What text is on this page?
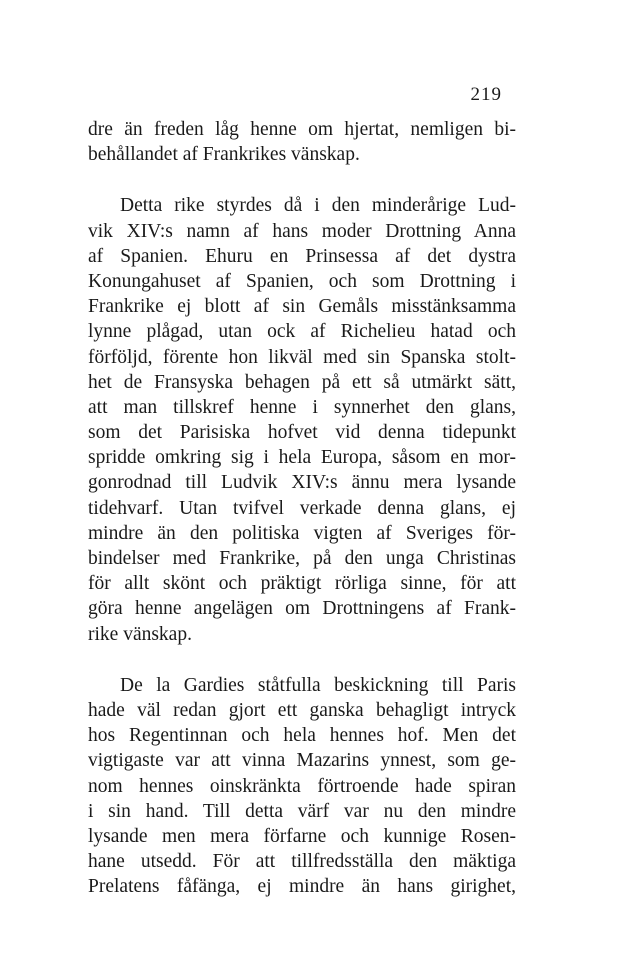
219
dre än freden låg henne om hjertat, nemligen bi-
behållandet af Frankrikes vänskap.
Detta rike styrdes då i den minderårige Lud-
vik XIV:s namn af hans moder Drottning Anna
af Spanien. Ehuru en Prinsessa af det dystra
Konungahuset af Spanien, och som Drottning i
Frankrike ej blott af sin Gemåls misstänksamma
lynne plågad, utan ock af Richelieu hatad och
förföljd, förente hon likväl med sin Spanska stolt-
het de Fransyska behagen på ett så utmärkt sätt,
att man tillskref henne i synnerhet den glans,
som det Parisiska hofvet vid denna tidepunkt
spridde omkring sig i hela Europa, såsom en mor-
gonrodnad till Ludvik XIV:s ännu mera lysande
tidehvarf. Utan tvifvel verkade denna glans, ej
mindre än den politiska vigten af Sveriges för-
bindelser med Frankrike, på den unga Christinas
för allt skönt och präktigt rörliga sinne, för att
göra henne angelägen om Drottningens af Frank-
rike vänskap.
De la Gardies ståtfulla beskickning till Paris
hade väl redan gjort ett ganska behagligt intryck
hos Regentinnan och hela hennes hof. Men det
vigtigaste var att vinna Mazarins ynnest, som ge-
nom hennes oinskränkta förtroende hade spiran
i sin hand. Till detta värf var nu den mindre
lysande men mera förfarne och kunnige Rosen-
hane utsedd. För att tillfredsställa den mäktiga
Prelatens fåfänga, ej mindre än hans girighet,
